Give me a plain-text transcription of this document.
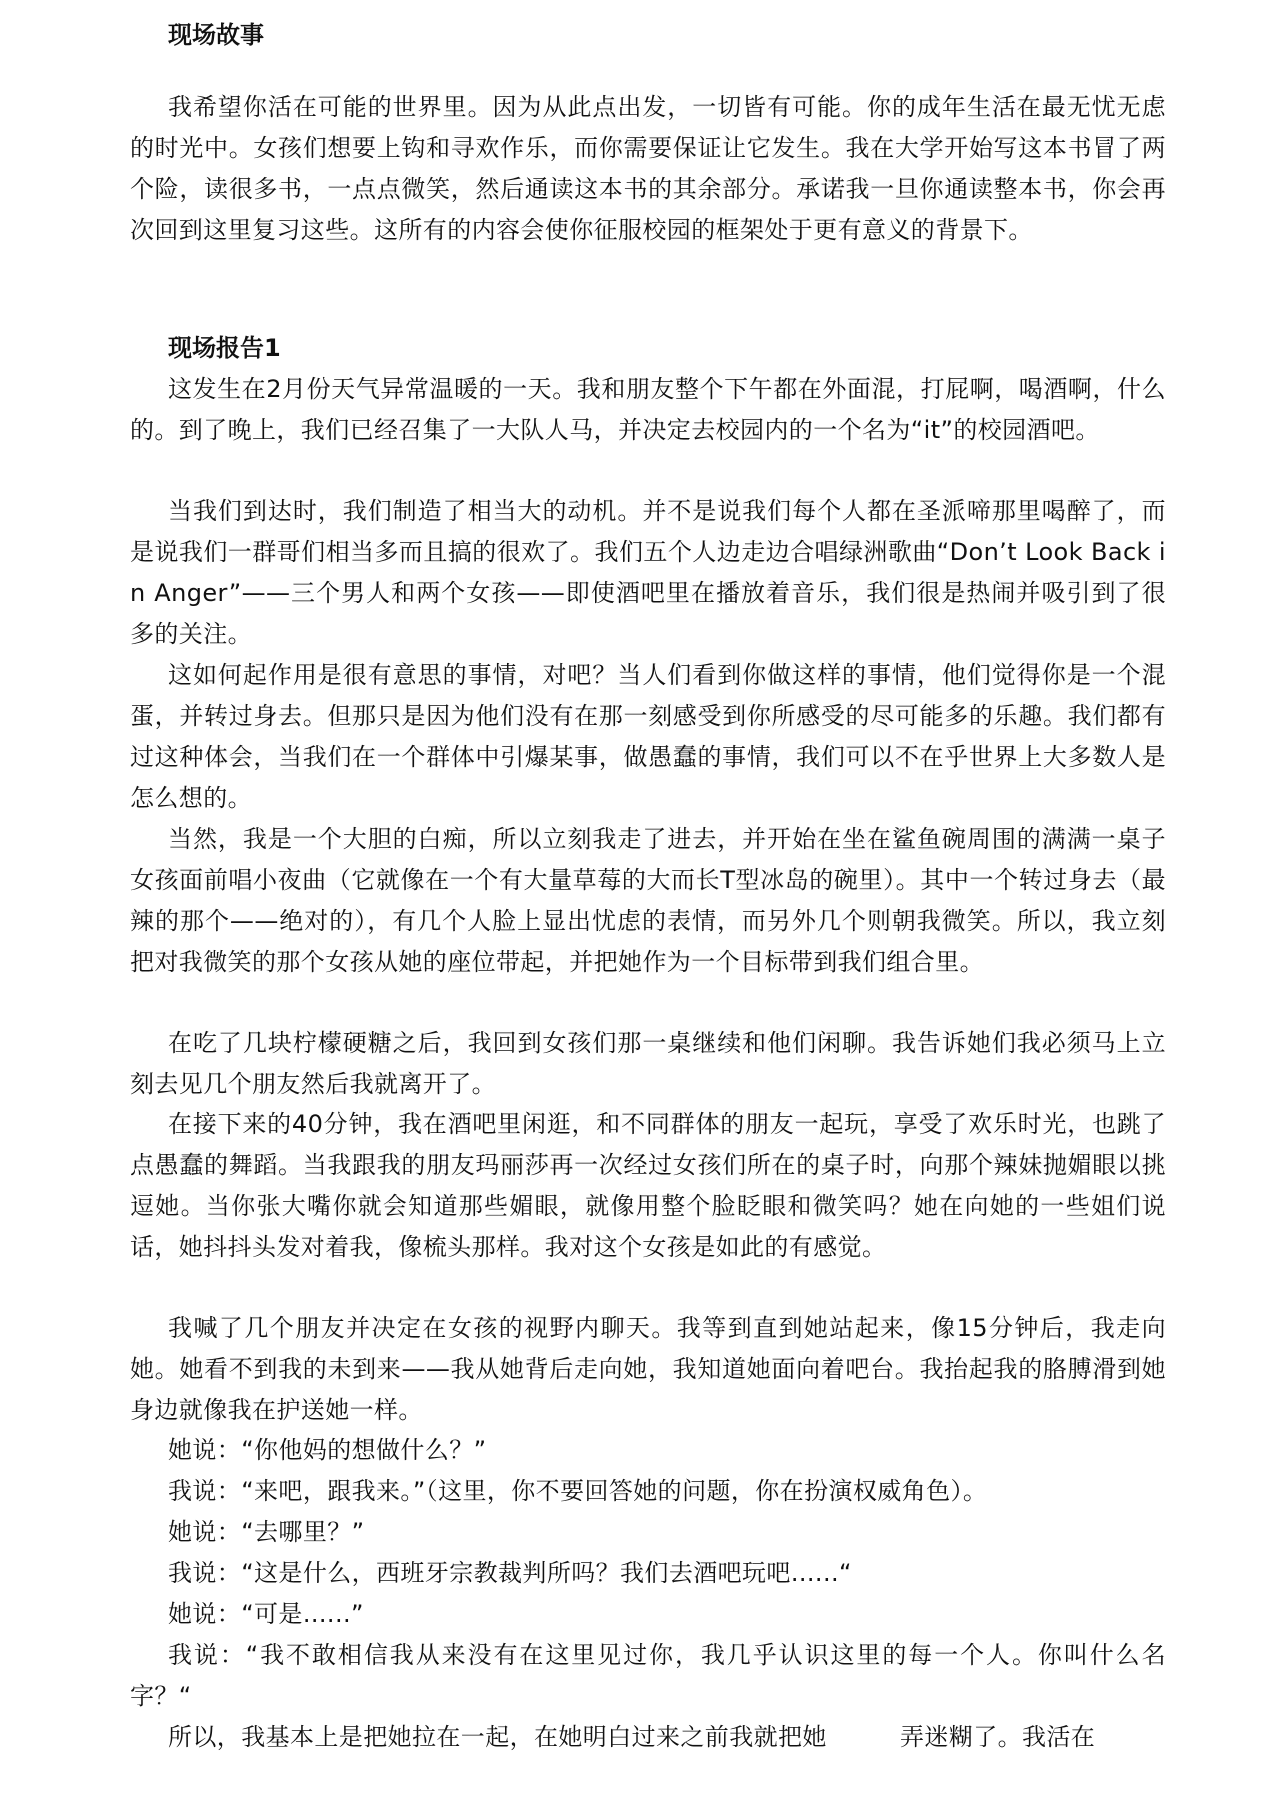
现场故事

我希望你活在可能的世界里。因为从此点出发，一切皆有可能。你的成年生活在最无忧无虑的时光中。女孩们想要上钩和寻欢作乐，而你需要保证让它发生。我在大学开始写这本书冒了两个险，读很多书，一点点微笑，然后通读这本书的其余部分。承诺我一旦你通读整本书，你会再次回到这里复习这些。这所有的内容会使你征服校园的框架处于更有意义的背景下。

现场报告1

这发生在2月份天气异常温暖的一天。我和朋友整个下午都在外面混，打屁啊，喝酒啊，什么的。到了晚上，我们已经召集了一大队人马，并决定去校园内的一个名为“it”的校园酒吧。

当我们到达时，我们制造了相当大的动机。并不是说我们每个人都在圣派啼那里喝醉了，而是说我们一群哥们相当多而且搞的很欢了。我们五个人边走边合唱绿洲歌曲“Don’t Look Back in Anger”——三个男人和两个女孩——即使酒吧里在播放着音乐，我们很是热闹并吸引到了很多的关注。

这如何起作用是很有意思的事情，对吧？当人们看到你做这样的事情，他们觉得你是一个混蛋，并转过身去。但那只是因为他们没有在那一刻感受到你所感受的尽可能多的乐趣。我们都有过这种体会，当我们在一个群体中引爆某事，做愚蠢的事情，我们可以不在乎世界上大多数人是怎么想的。

当然，我是一个大胆的白痴，所以立刻我走了进去，并开始在坐在鲨鱼碗周围的满满一桌子女孩面前唱小夜曲（它就像在一个有大量草莓的大而长T型冰岛的碗里）。其中一个转过身去（最辣的那个——绝对的），有几个人脸上显出忧虑的表情，而另外几个则朝我微笑。所以，我立刻把对我微笑的那个女孩从她的座位带起，并把她作为一个目标带到我们组合里。

在吃了几块柠檬硬糖之后，我回到女孩们那一桌继续和他们闲聊。我告诉她们我必须马上立刻去见几个朋友然后我就离开了。

在接下来的40分钟，我在酒吧里闲逛，和不同群体的朋友一起玩，享受了欢乐时光，也跳了点愚蠢的舞蹈。当我跟我的朋友玛丽莎再一次经过女孩们所在的桌子时，向那个辣妹抛媚眼以挑逗她。当你张大嘴你就会知道那些媚眼，就像用整个脸眨眼和微笑吗？她在向她的一些姐们说话，她抖抖头发对着我，像梳头那样。我对这个女孩是如此的有感觉。

我喊了几个朋友并决定在女孩的视野内聊天。我等到直到她站起来，像15分钟后，我走向她。她看不到我的未到来——我从她背后走向她，我知道她面向着吧台。我抬起我的胳膊滑到她身边就像我在护送她一样。

她说：“你他妈的想做什么？”

我说：“来吧，跟我来。”（这里，你不要回答她的问题，你在扮演权威角色）。

她说：“去哪里？”

我说：“这是什么，西班牙宗教裁判所吗？我们去酒吧玩吧......“

她说：“可是......”

我说：“我不敢相信我从来没有在这里见过你，我几乎认识这里的每一个人。你叫什么名字？“

所以，我基本上是把她拉在一起，在她明白过来之前我就把她　　　弄迷糊了。我活在
